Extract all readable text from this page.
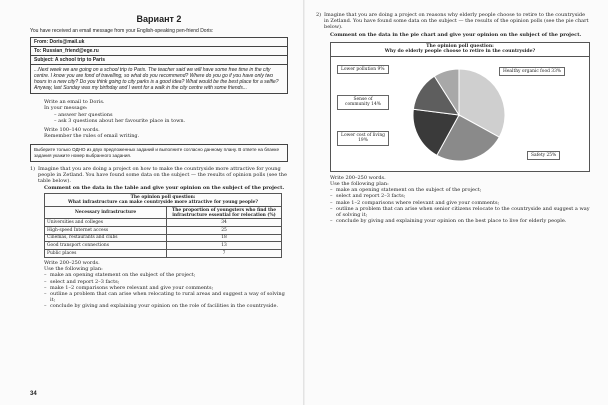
Вариант 2
You have received an email message from your English-speaking pen-friend Doris:
From: Doris@mail.uk
To: Russian_friend@ege.ru
Subject: A school trip to Paris
...Next week we are going on a school trip to Paris. The teacher said we will have some free time in the city centre. I know you are fond of travelling, so what do you recommend? Where do you go if you have only two hours in a new city? Do you think going to city parks is a good idea? What would be the best place for a selfie? Anyway, last Sunday was my birthday and I went for a walk in the city centre with some friends...
Write an email to Doris.
In your message:
– answer her questions
– ask 3 questions about her favourite place in town.
Write 100–140 words.
Remember the rules of email writing.
Выберите только ОДНО из двух предложенных заданий и выполните согласно данному плану. В ответе на бланке задания укажите номер выбранного задания.
1) Imagine that you are doing a project on how to make the countryside more attractive for young people in Zetland. You have found some data on the subject — the results of opinion polls (see the table below).
Comment on the data in the table and give your opinion on the subject of the project.
The opinion poll question:
What infrastructure can make countryside more attractive for young people?	
Necessary infrastructure	The proportion of youngsters who find the infrastructure essential for relocation (%)
Universities and colleges	34
High-speed Internet access	25
Cinemas, restaurants and clubs	18
Good transport connections	13
Public places	7
Write 200–250 words.
Use the following plan:
– make an opening statement on the subject of the project;
– select and report 2–3 facts;
– make 1–2 comparisons where relevant and give your comments;
– outline a problem that can arise when relocating to rural areas and suggest a way of solving it;
– conclude by giving and explaining your opinion on the role of facilities in the countryside.
34
2) Imagine that you are doing a project on reasons why elderly people choose to retire to the countryside in Zetland. You have found some data on the subject — the results of the opinion polls (see the pie chart below).
Comment on the data in the pie chart and give your opinion on the subject of the project.
The opinion poll question:
Why do elderly people choose to retire in the countryside?
Lower pollution 9%	Healthy organic food 33%
Sense of community 14%
Lower cost of living 19%
Safety 25%
Write 200–250 words.
Use the following plan:
– make an opening statement on the subject of the project;
– select and report 2–3 facts;
– make 1–2 comparisons where relevant and give your comments;
– outline a problem that can arise when senior citizens relocate to the countryside and suggest a way of solving it;
– conclude by giving and explaining your opinion on the best place to live for elderly people.
